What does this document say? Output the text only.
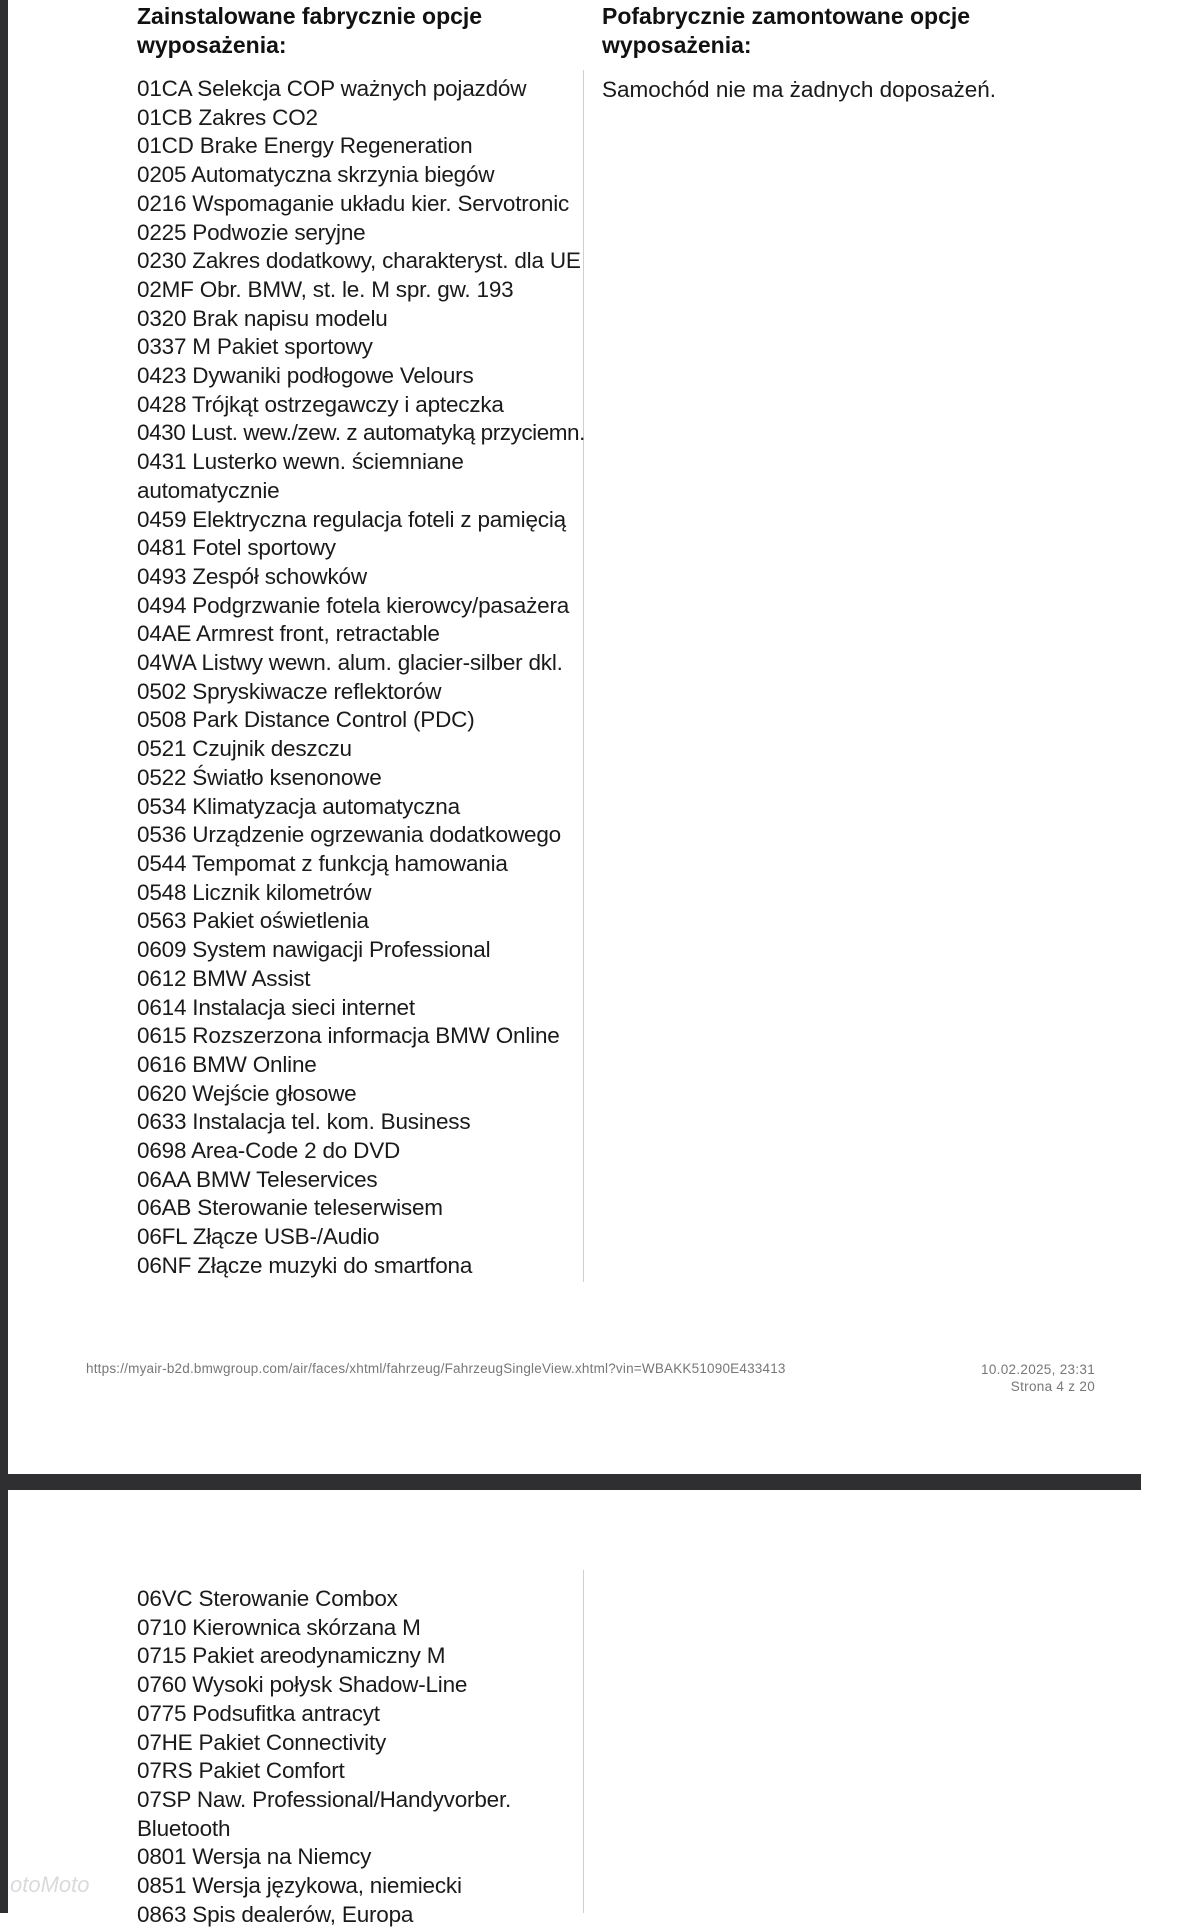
Zainstalowane fabrycznie opcje wyposażenia:
Pofabrycznie zamontowane opcje wyposażenia:
01CA Selekcja COP ważnych pojazdów
01CB Zakres CO2
01CD Brake Energy Regeneration
0205 Automatyczna skrzynia biegów
0216 Wspomaganie układu kier. Servotronic
0225 Podwozie seryjne
0230 Zakres dodatkowy, charakteryst. dla UE
02MF Obr. BMW, st. le. M spr. gw. 193
0320 Brak napisu modelu
0337 M Pakiet sportowy
0423 Dywaniki podłogowe Velours
0428 Trójkąt ostrzegawczy i apteczka
0430 Lust. wew./zew. z automatyką przyciemn.
0431 Lusterko wewn. ściemniane automatycznie
0459 Elektryczna regulacja foteli z pamięcią
0481 Fotel sportowy
0493 Zespół schowków
0494 Podgrzwanie fotela kierowcy/pasażera
04AE Armrest front, retractable
04WA Listwy wewn. alum. glacier-silber dkl.
0502 Spryskiwacze reflektorów
0508 Park Distance Control (PDC)
0521 Czujnik deszczu
0522 Światło ksenonowe
0534 Klimatyzacja automatyczna
0536 Urządzenie ogrzewania dodatkowego
0544 Tempomat z funkcją hamowania
0548 Licznik kilometrów
0563 Pakiet oświetlenia
0609 System nawigacji Professional
0612 BMW Assist
0614 Instalacja sieci internet
0615 Rozszerzona informacja BMW Online
0616 BMW Online
0620 Wejście głosowe
0633 Instalacja tel. kom. Business
0698 Area-Code 2 do DVD
06AA BMW Teleservices
06AB Sterowanie teleserwisem
06FL Złącze USB-/Audio
06NF Złącze muzyki do smartfona
Samochód nie ma żadnych doposażeń.
https://myair-b2d.bmwgroup.com/air/faces/xhtml/fahrzeug/FahrzeugSingleView.xhtml?vin=WBAKK51090E433413	10.02.2025, 23:31
Strona 4 z 20
06VC Sterowanie Combox
0710 Kierownica skórzana M
0715 Pakiet areodynamiczny M
0760 Wysoki połysk Shadow-Line
0775 Podsufitka antracyt
07HE Pakiet Connectivity
07RS Pakiet Comfort
07SP Naw. Professional/Handyvorber. Bluetooth
0801 Wersja na Niemcy
0851 Wersja językowa, niemiecki
0863 Spis dealerów, Europa
otoMoto
